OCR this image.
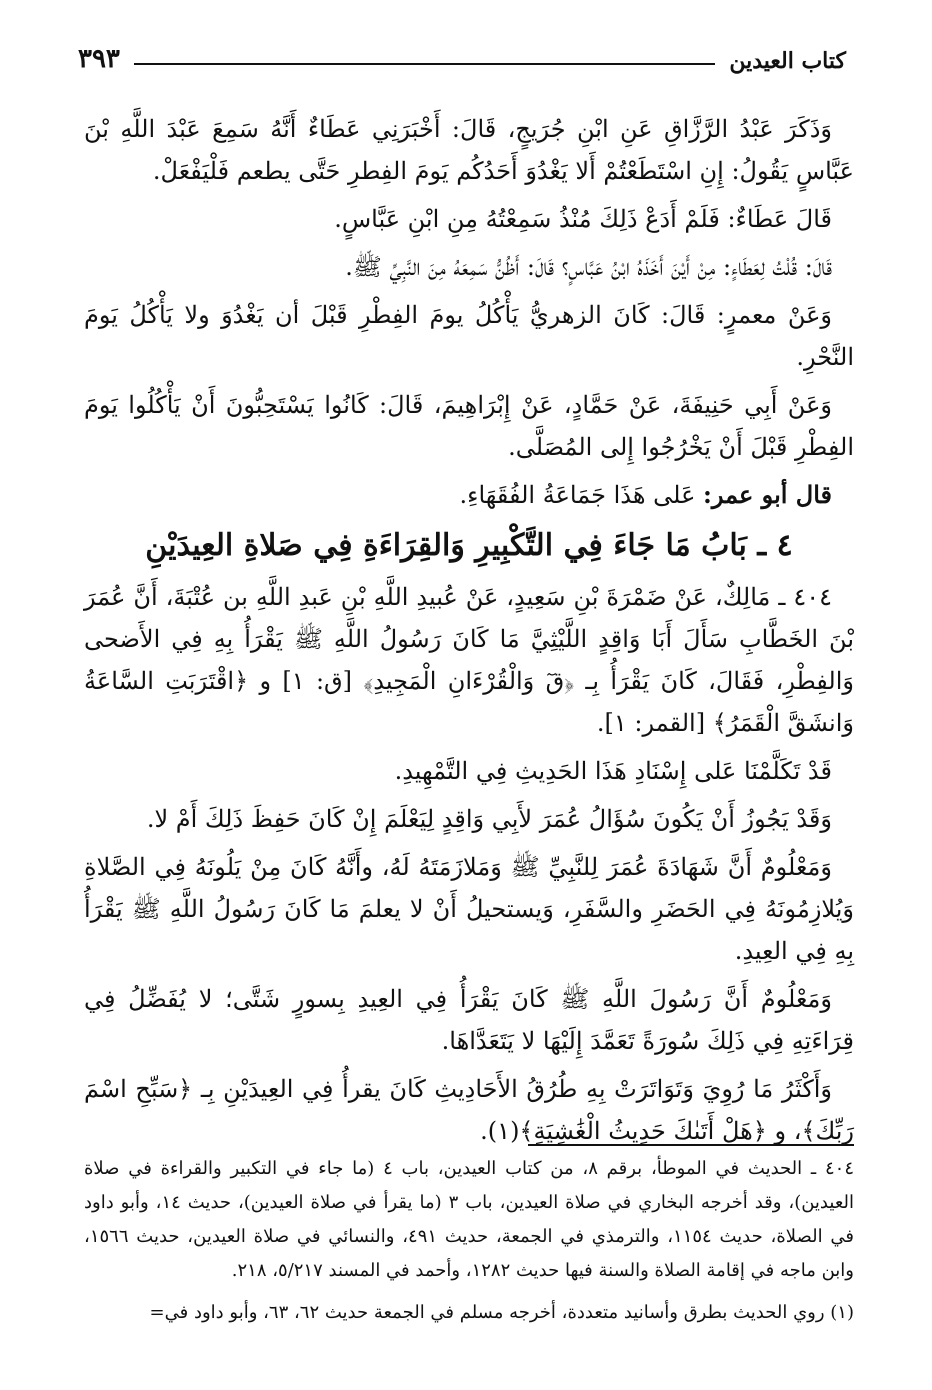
كتاب العيدين
٣٩٣

وَذَكَرَ عَبْدُ الرَّزَّاقِ عَنِ ابْنِ جُرَيجٍ، قَالَ: أَخْبَرَنِي عَطَاءٌ أَنَّهُ سَمِعَ عَبْدَ اللَّهِ بْنَ عَبَّاسٍ يَقُولُ: إِنِ اسْتَطَعْتُمْ أَلا يَغْدُوَ أَحَدُكُم يَومَ الفِطرِ حَتَّى يطعم فَلْيَفْعَلْ.

قَالَ عَطَاءٌ: فَلَمْ أَدَعْ ذَلِكَ مُنْذُ سَمِعْتُهُ مِنِ ابْنِ عَبَّاسٍ.

قَالَ: قُلْتُ لِعَطَاءٍ: مِنْ أَيْنَ أَخَذَهُ ابْنُ عَبَّاسٍ؟ قَالَ: أَظُنُّ سَمِعَهُ مِنَ النَّبِيِّ ﷺ.

وَعَنْ معمرٍ: قَالَ: كَانَ الزهريُّ يَأْكُلُ يومَ الفِطْرِ قَبْلَ أن يَغْدُوَ ولا يَأْكُلُ يَومَ النَّحْرِ.

وَعَنْ أَبِي حَنِيفَةَ، عَنْ حَمَّادٍ، عَنْ إِبْرَاهِيمَ، قَالَ: كَانُوا يَسْتَحِبُّونَ أَنْ يَأْكُلُوا يَومَ الفِطْرِ قَبْلَ أَنْ يَخْرُجُوا إِلى المُصَلَّى.

قال أبو عمر: عَلى هَذَا جَمَاعَةُ الفُقَهَاءِ.

٤ ـ بَابُ مَا جَاءَ فِي التَّكْبِيرِ وَالقِرَاءَةِ فِي صَلاةِ العِيدَيْنِ

٤٠٤ ـ مَالِكٌ، عَنْ ضَمْرَةَ بْنِ سَعِيدٍ، عَنْ عُبيدِ اللَّهِ بْنِ عَبدِ اللَّهِ بن عُتْبَةَ، أَنَّ عُمَرَ بْنَ الخَطَّابِ سَأَلَ أَبَا وَاقِدٍ اللَّيْثِيَّ مَا كَانَ رَسُولُ اللَّهِ ﷺ يَقْرَأُ بِهِ فِي الأَضحى وَالفِطْرِ، فَقَالَ، كَانَ يَقْرَأُ بِـ ﴿قٓ وَالْقُرْءَانِ الْمَجِيدِ﴾ [ق: ١] و ﴿اقْتَرَبَتِ السَّاعَةُ وَانشَقَّ الْقَمَرُ﴾ [القمر: ١].

قَدْ تَكَلَّمْنَا عَلى إِسْنَادِ هَذَا الحَدِيثِ فِي التَّمْهِيدِ.

وَقَدْ يَجُوزُ أَنْ يَكُونَ سُؤَالُ عُمَرَ لأَبِي وَاقِدٍ لِيَعْلَمَ إِنْ كَانَ حَفِظَ ذَلِكَ أَمْ لا.

وَمَعْلُومٌ أَنَّ شَهَادَةَ عُمَرَ لِلنَّبِيِّ ﷺ وَمَلازَمَتَهُ لَهُ، وأَنَّهُ كَانَ مِنْ يَلُونَهُ فِي الصَّلاةِ وَيُلازِمُونَهُ فِي الحَضَرِ والسَّفَرِ، وَيستحيلُ أَنْ لا يعلمَ مَا كَانَ رَسُولُ اللَّهِ ﷺ يَقْرَأُ بِهِ فِي العِيدِ.

وَمَعْلُومٌ أَنَّ رَسُولَ اللَّهِ ﷺ كَانَ يَقْرَأُ فِي العِيدِ بِسورٍ شَتَّى؛ لا يُفَضِّلُ فِي قِرَاءَتِهِ فِي ذَلِكَ سُورَةً تَعَمَّدَ إِلَيْهَا لا يَتَعَدَّاهَا.

وَأَكْثَرُ مَا رُوِيَ وَتَوَاتَرَتْ بِهِ طُرُقُ الأَحَادِيثِ كَانَ يقرأُ فِي العِيدَيْنِ بِـ ﴿سَبِّحِ اسْمَ رَبِّكَ﴾، و ﴿هَلْ أَتَىٰكَ حَدِيثُ الْغَٰشِيَةِ﴾(١).

٤٠٤ ـ الحديث في الموطأ، برقم ٨، من كتاب العيدين، باب ٤ (ما جاء في التكبير والقراءة في صلاة العيدين)، وقد أخرجه البخاري في صلاة العيدين، باب ٣ (ما يقرأ في صلاة العيدين)، حديث ١٤، وأبو داود في الصلاة، حديث ١١٥٤، والترمذي في الجمعة، حديث ٤٩١، والنسائي في صلاة العيدين، حديث ١٥٦٦، وابن ماجه في إقامة الصلاة والسنة فيها حديث ١٢٨٢، وأحمد في المسند ٥/٢١٧، ٢١٨.

(١) روي الحديث بطرق وأسانيد متعددة، أخرجه مسلم في الجمعة حديث ٦٢، ٦٣، وأبو داود في=
